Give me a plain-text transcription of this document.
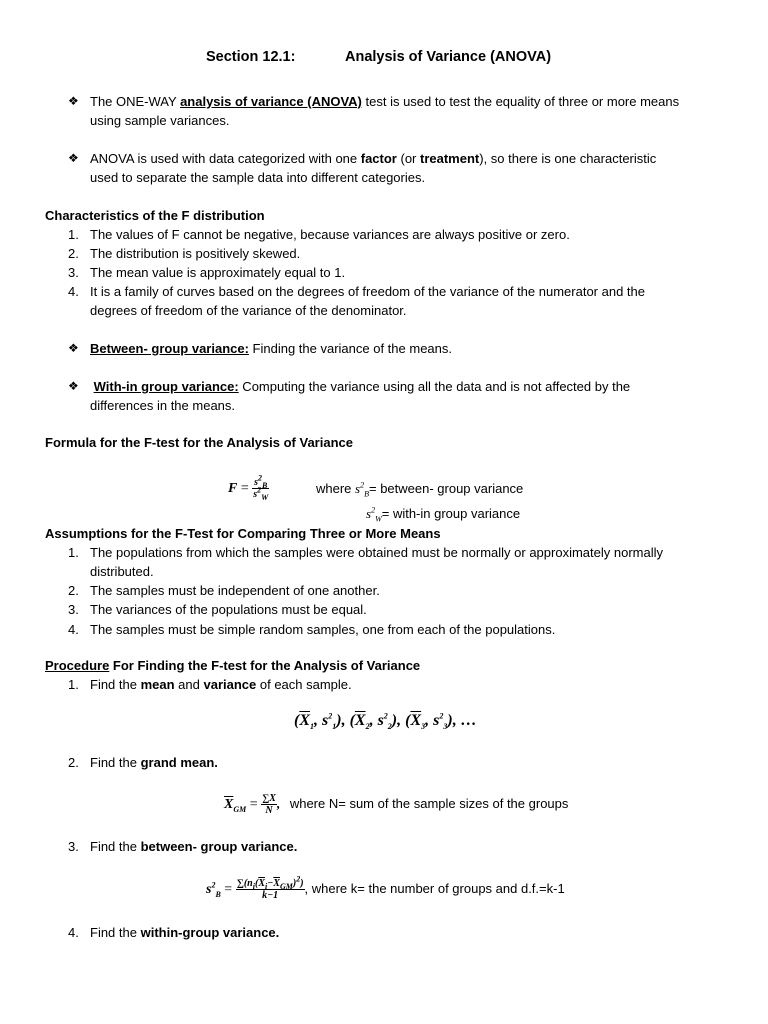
Section 12.1:	Analysis of Variance (ANOVA)
❖ The ONE-WAY analysis of variance (ANOVA) test is used to test the equality of three or more means
using sample variances.
❖ ANOVA is used with data categorized with one factor (or treatment), so there is one characteristic
used to separate the sample data into different categories.
Characteristics of the F distribution
1. The values of F cannot be negative, because variances are always positive or zero.
2. The distribution is positively skewed.
3. The mean value is approximately equal to 1.
4. It is a family of curves based on the degrees of freedom of the variance of the numerator and the
degrees of freedom of the variance of the denominator.
❖ Between- group variance: Finding the variance of the means.
❖ With-in group variance: Computing the variance using all the data and is not affected by the
differences in the means.
Formula for the F-test for the Analysis of Variance
$F = \frac{s^2_B}{s^2_W}$	where $s^2_B=$ between- group variance
$s^2_W=$ with-in group variance
Assumptions for the F-Test for Comparing Three or More Means
1. The populations from which the samples were obtained must be normally or approximately normally
distributed.
2. The samples must be independent of one another.
3. The variances of the populations must be equal.
4. The samples must be simple random samples, one from each of the populations.
Procedure For Finding the F-test for the Analysis of Variance
1. Find the mean and variance of each sample.
($\overline{X}_1$, $s^2_1$), ($\overline{X}_2$, $s^2_2$), ($\overline{X}_3$, $s^2_3$), …
2. Find the grand mean.
$\overline{X}_{GM} = \frac{\sum X}{N}$ , where N= sum of the sample sizes of the groups
3. Find the between- group variance.
$s^2_B = \frac{\sum(n_i(\overline{X}_i-\overline{X}_{GM})^2)}{k-1}$ , where k= the number of groups and d.f.=k-1
4. Find the within-group variance.
